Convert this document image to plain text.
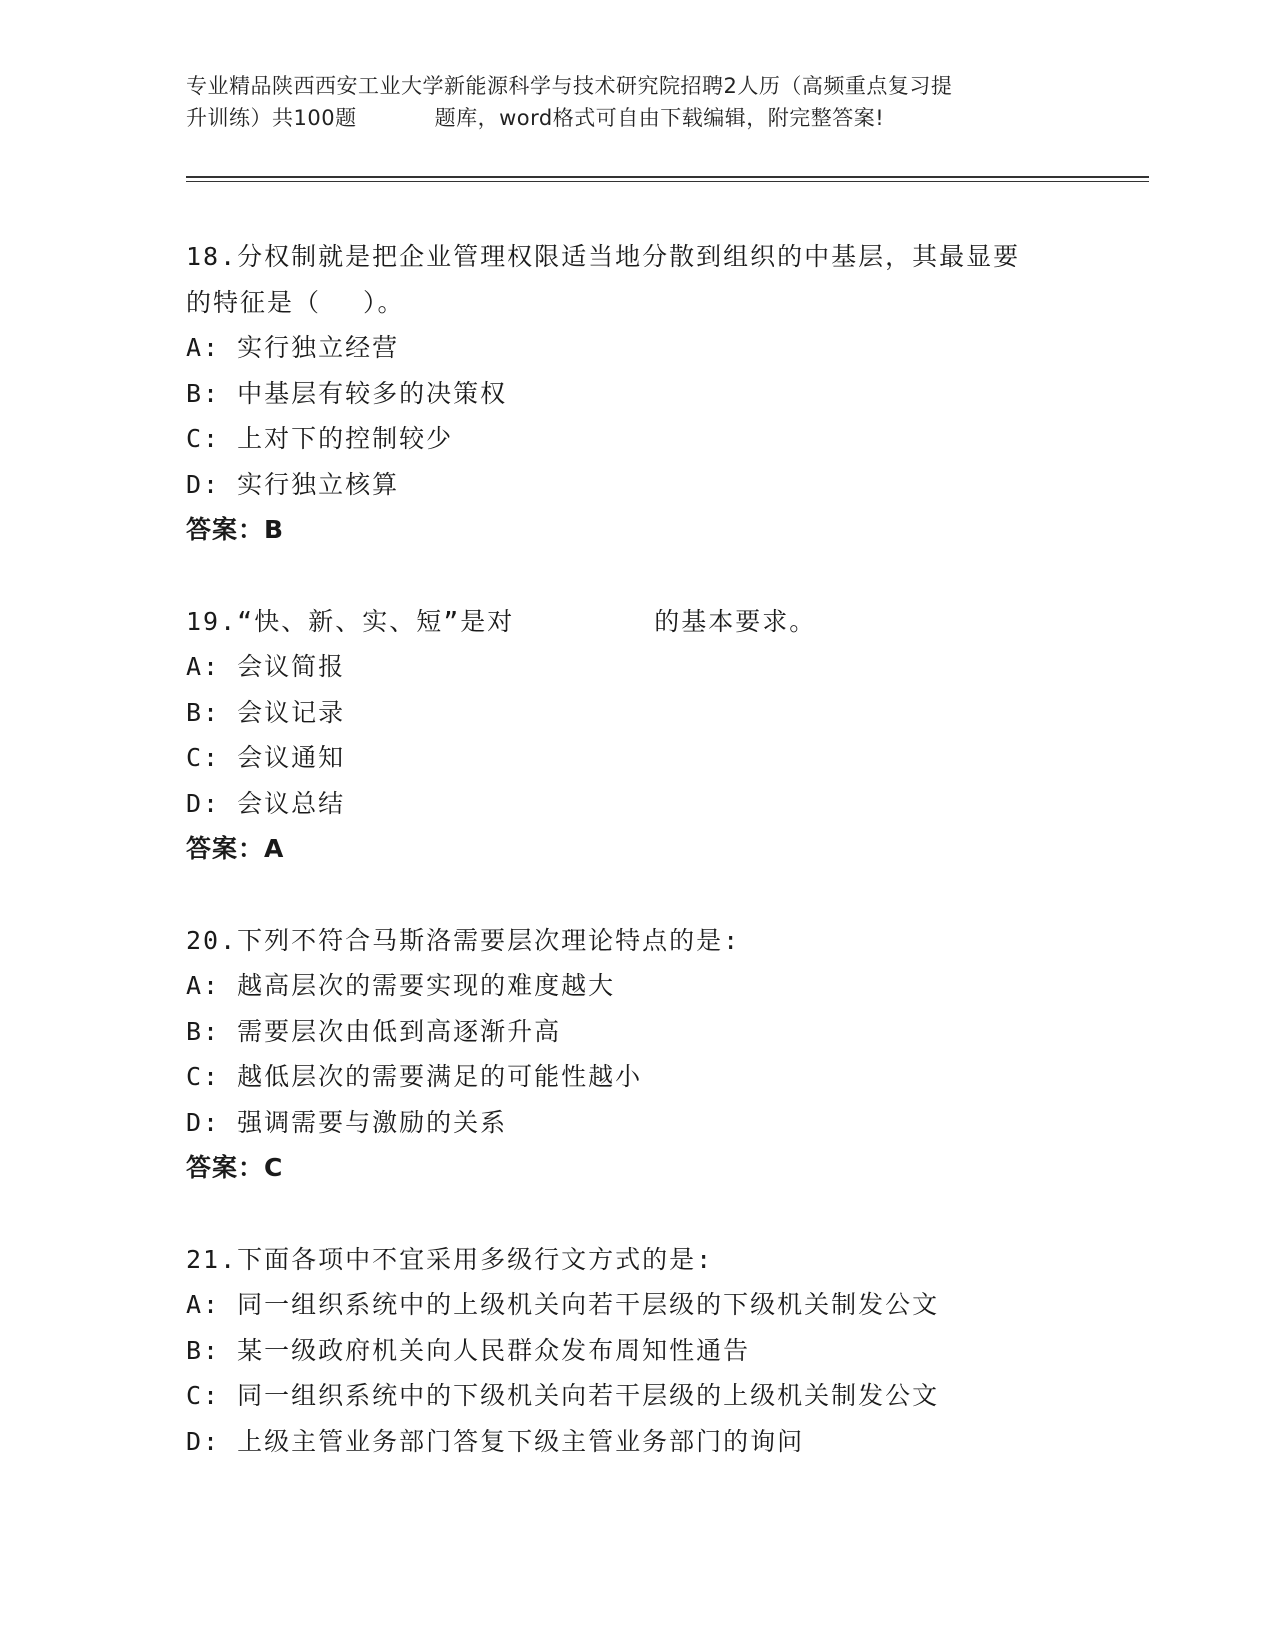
专业精品陕西西安工业大学新能源科学与技术研究院招聘2人历（高频重点复习提
升训练）共100题	题库，word格式可自由下载编辑，附完整答案!
18.分权制就是把企业管理权限适当地分散到组织的中基层，其最显要
的特征是（ ）。
A: 实行独立经营
B: 中基层有较多的决策权
C: 上对下的控制较少
D: 实行独立核算
答案：B
19.“快、新、实、短”是对	的基本要求。
A: 会议简报
B: 会议记录
C: 会议通知
D: 会议总结
答案：A
20.下列不符合马斯洛需要层次理论特点的是:
A: 越高层次的需要实现的难度越大
B: 需要层次由低到高逐渐升高
C: 越低层次的需要满足的可能性越小
D: 强调需要与激励的关系
答案：C
21.下面各项中不宜采用多级行文方式的是:
A: 同一组织系统中的上级机关向若干层级的下级机关制发公文
B: 某一级政府机关向人民群众发布周知性通告
C: 同一组织系统中的下级机关向若干层级的上级机关制发公文
D: 上级主管业务部门答复下级主管业务部门的询问
